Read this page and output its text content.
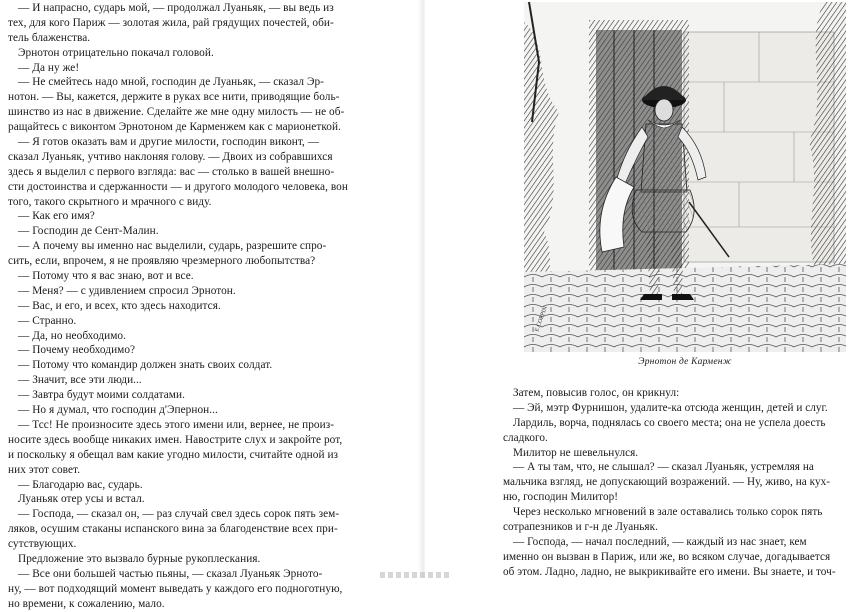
— И напрасно, сударь мой, — продолжал Луаньяк, — вы ведь из
тех, для кого Париж — золотая жила, рай грядущих почестей, оби-
тель блаженства.
Эрнотон отрицательно покачал головой.
— Да ну же!
— Не смейтесь надо мной, господин де Луаньяк, — сказал Эр-
нотон. — Вы, кажется, держите в руках все нити, приводящие боль-
шинство из нас в движение. Сделайте же мне одну милость — не об-
ращайтесь с виконтом Эрнотоном де Карменжем как с марионеткой.
— Я готов оказать вам и другие милости, господин виконт, —
сказал Луаньяк, учтиво наклоняя голову. — Двоих из собравшихся
здесь я выделил с первого взгляда: вас — столько в вашей внешно-
сти достоинства и сдержанности — и другого молодого человека, вон
того, такого скрытного и мрачного с виду.
— Как его имя?
— Господин де Сент-Малин.
— А почему вы именно нас выделили, сударь, разрешите спро-
сить, если, впрочем, я не проявляю чрезмерного любопытства?
— Потому что я вас знаю, вот и все.
— Меня? — с удивлением спросил Эрнотон.
— Вас, и его, и всех, кто здесь находится.
— Странно.
— Да, но необходимо.
— Почему необходимо?
— Потому что командир должен знать своих солдат.
— Значит, все эти люди...
— Завтра будут моими солдатами.
— Но я думал, что господин д'Эпернон...
— Тсс! Не произносите здесь этого имени или, вернее, не произ-
носите здесь вообще никаких имен. Навострите слух и закройте рот,
и поскольку я обещал вам какие угодно милости, считайте одной из
них этот совет.
— Благодарю вас, сударь.
Луаньяк отер усы и встал.
— Господа, — сказал он, — раз случай свел здесь сорок пять зем-
ляков, осушим стаканы испанского вина за благоденствие всех при-
сутствующих.
Предложение это вызвало бурные рукоплескания.
— Все они большей частью пьяны, — сказал Луаньяк Эрното-
ну, — вот подходящий момент выведать у каждого его подноготную,
но времени, к сожалению, мало.
E.COPPIN
Эрнотон де Карменж
Затем, повысив голос, он крикнул:
— Эй, мэтр Фурнишон, удалите-ка отсюда женщин, детей и слуг.
Лардиль, ворча, поднялась со своего места; она не успела доесть
сладкого.
Милитор не шевельнулся.
— А ты там, что, не слышал? — сказал Луаньяк, устремляя на
мальчика взгляд, не допускающий возражений. — Ну, живо, на кух-
ню, господин Милитор!
Через несколько мгновений в зале оставались только сорок пять
сотрапезников и г-н де Луаньяк.
— Господа, — начал последний, — каждый из нас знает, кем
именно он вызван в Париж, или же, во всяком случае, догадывается
об этом. Ладно, ладно, не выкрикивайте его имени. Вы знаете, и точ-
